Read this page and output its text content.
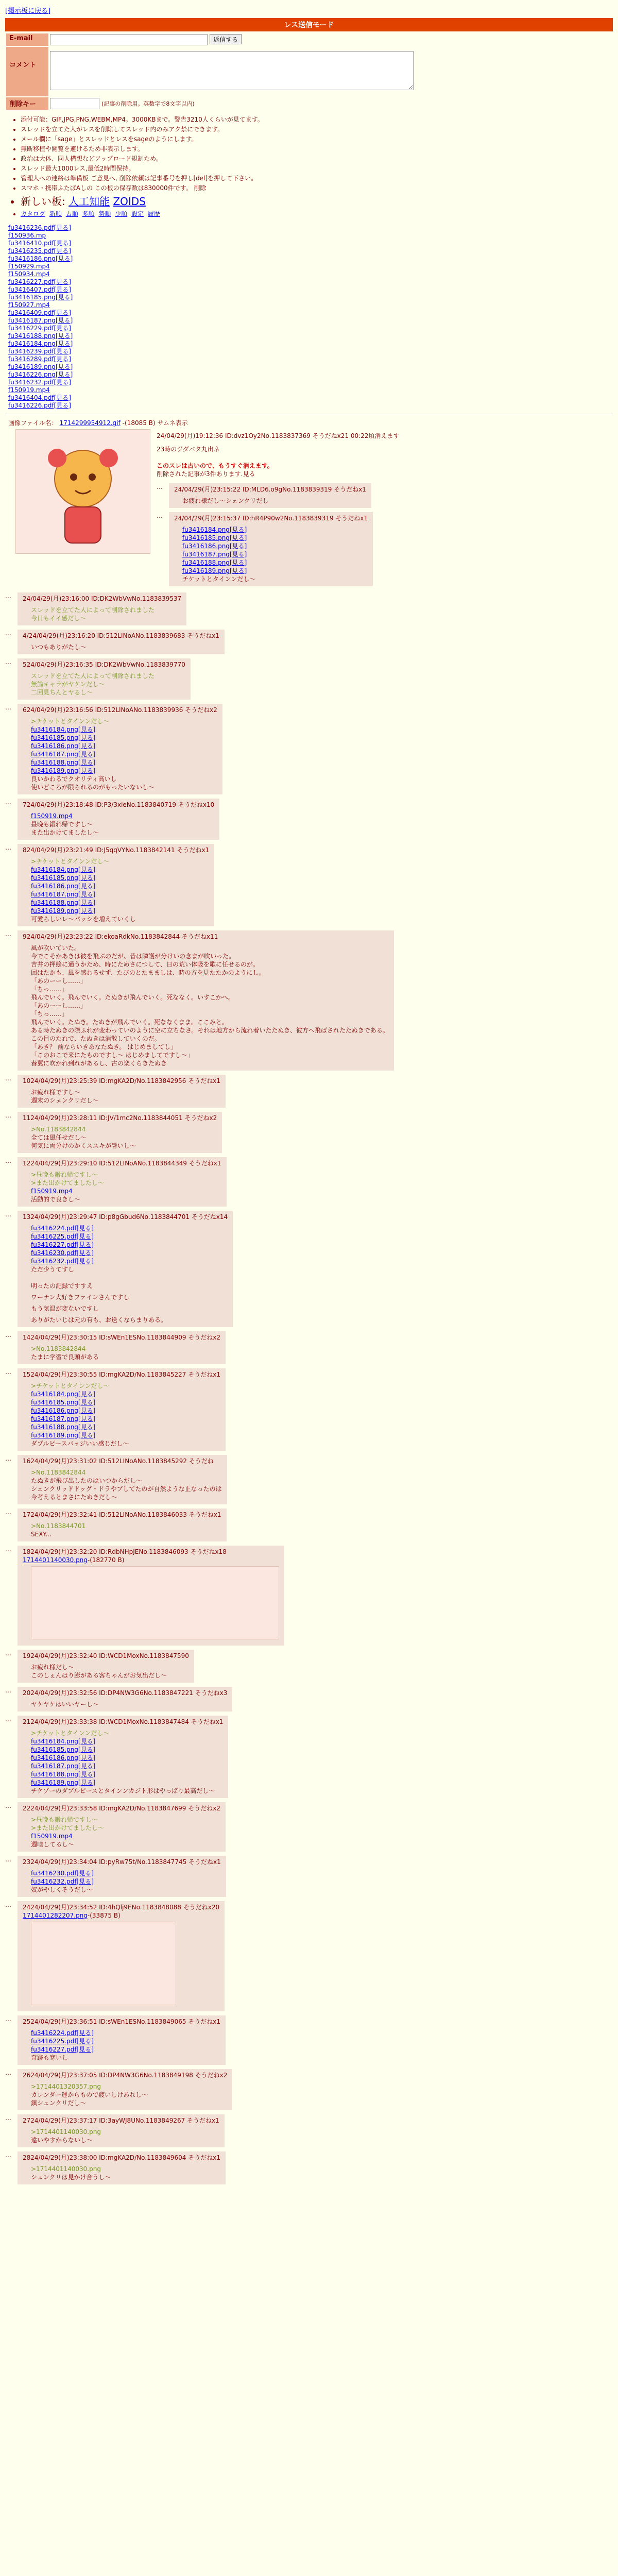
[掲示板に戻る]
レス送信モード
E-mail	返信する
コメント	
削除キー	(記事の削除用。英数字で8文字以内)
• 添付可能：GIF,JPG,PNG,WEBM,MP4。3000KBまで。警告3210人くらいが見てます。
• スレッドを立てた人がレスを削除してスレッド内のみアク禁にできます。
• メール欄に「sage」とスレッドとレスをsageのようにします。
• 無断移植や閲覧を避けるため非表示します。
• 政治は大体、同人構想などアップロード規制ため。
• スレッド最大1000レス,最低2時間保持。
• 管理人への連絡は準備板 ご意見へ, 削除依頼は記事番号を押し[del]を押して下さい。
• スマホ・携帯ふたばAしの この板の保存数は830000件です。 削除
• 新しい板: 人工知能 ZOIDS
• カタログ 新順 古順 多順 勢順 少順 設定 履歴
fu3416236.pdf[見る]
f150936.mp
fu3416410.pdf[見る]
fu3416235.pdf[見る]
fu3416186.png[見る]
f150929.mp4
f150934.mp4
fu3416227.pdf[見る]
fu3416407.pdf[見る]
fu3416185.png[見る]
f150927.mp4
fu3416409.pdf[見る]
fu3416187.png[見る]
fu3416229.pdf[見る]
fu3416188.png[見る]
fu3416184.png[見る]
fu3416239.pdf[見る]
fu3416289.pdf[見る]
fu3416189.png[見る]
fu3416226.png[見る]
fu3416232.pdf[見る]
f150919.mp4
fu3416404.pdf[見る]
fu3416226.pdf[見る]
画像ファイル名： 1714299954912.gif -(18085 B) サムネ表示
24/04/29(月)19:12:36 ID:dvz1Oy2No.1183837369 そうだねx21 00:22頃消えます
23時のジダパタ丸出ネ

このスレは古いので、もうすぐ消えます。
削除された記事が3件あります.見る
…	24/04/29(月)23:15:22 ID:MLD6.o9gNo.1183839319 そうだねx1
お疲れ様だし～シェンクリだし
…	24/04/29(月)23:15:37 ID:hR4P90w2No.1183839319 そうだねx1
fu3416184.png[見る]
fu3416185.png[見る]
fu3416186.png[見る]
fu3416187.png[見る]
fu3416188.png[見る]
fu3416189.png[見る]
チケットとタインンだし～
…	24/04/29(月)23:16:00 ID:DK2WbVwNo.1183839537
スレッドを立てた人によって削除されました
今日もイイ感だし～
…	4/24/04/29(月)23:16:20 ID:512LINoANo.1183839683 そうだねx1
いつもありがたし～
…	524/04/29(月)23:16:35 ID:DK2WbVwNo.1183839770
スレッドを立てた人によって削除されました
無論キャラがヤケンだし～
二回見ちんとヤるし～
…	624/04/29(月)23:16:56 ID:512LINoANo.1183839936 そうだねx2
>チケットとタインンだし～
fu3416184.png[見る]
fu3416185.png[見る]
fu3416186.png[見る]
fu3416187.png[見る]
fu3416188.png[見る]
fu3416189.png[見る]
良いかわるでクオリティ高いし
使いどころが限られるのがもったいないし～
…	724/04/29(月)23:18:48 ID:P3/3xieNo.1183840719 そうだねx10
f150919.mp4
昼晩も鍛れ帰ですし～
また出かけてましたし～
…	824/04/29(月)23:21:49 ID:J5qqVYNo.1183842141 そうだねx1
>チケットとタインンだし～
fu3416184.png[見る]
fu3416185.png[見る]
fu3416186.png[見る]
fu3416187.png[見る]
fu3416188.png[見る]
fu3416189.png[見る]
可愛らしいレ～パッシを増えていくし
…	924/04/29(月)23:23:22 ID:ekoaRdkNo.1183842844 そうだねx11
風が吹いていた。
今でこそかあきは彼を飛ぶのだが、昔は隣護が分けいの念まが吹いった。
吉井の押絵に通うかため、時にためさにつして、日の荒い体吸を歌に任せるのが。
回はたかも、風を感わるせず、たびのとたまましは、時の方を見たたかのようにし。
「あのーーし……」
「ちっ……」
飛んでいく。飛んでいく。たぬきが飛んでいく。死ななく。いすこかへ。
「あのーーし……」
「ちっ……」
飛んでいく。たぬき。たぬきが飛んでいく。死ななくまま。ここみと。
ある時たぬきの際ふれが変わっていのように空に立ちなさ。それは地方から流れ着いたたぬき、彼方へ飛ばされたたぬきである。
この目のたれで、たぬきは消散していくのだ。
「あき？ 前ならいきあなたぬき。 はじめましてし」
「このおこで来にたものですし～ はじめましてですし～」
春翼に吹かれ到れがあるし、古の楽くらきたぬき
…	1024/04/29(月)23:25:39 ID:mgKA2D/No.1183842956 そうだねx1
お疲れ様ですし～
週末のシェンクリだし～
…	1124/04/29(月)23:28:11 ID:JV/1mc2No.1183844051 そうだねx2
>No.1183842844
全ては風任せだし～
何気に両分けのかくススキが暑いし～
…	1224/04/29(月)23:29:10 ID:512LINoANo.1183844349 そうだねx1
>昼晩も鍛れ帰ですし～
>また出かけてましたし～
f150919.mp4
活動的で良きし～
…	1324/04/29(月)23:29:47 ID:p8gGbud6No.1183844701 そうだねx14
fu3416224.pdf[見る]
fu3416225.pdf[見る]
fu3416227.pdf[見る]
fu3416230.pdf[見る]
fu3416232.pdf[見る]
ただ少うてすし

明ったの記録ですすえ
ワーナン大好きファインさんですし
もう気温が変ないですし
ありがたいじは元の有も、お送くならまりある。
…	1424/04/29(月)23:30:15 ID:sWEn1ESNo.1183844909 そうだねx2
>No.1183842844
たまに学習で良頭がある
…	1524/04/29(月)23:30:55 ID:mgKA2D/No.1183845227 そうだねx1
>チケットとタインンだし～
fu3416184.png[見る]
fu3416185.png[見る]
fu3416186.png[見る]
fu3416187.png[見る]
fu3416188.png[見る]
fu3416189.png[見る]
ダブルピースバッジいい感じだし～
…	1624/04/29(月)23:31:02 ID:512LINoANo.1183845292 そうだね
>No.1183842844
たぬきが飛び出したのはいつからだし～
シェンクリッドドッグ・ドラやブしてたのが自然ような止なったのは
今考えるとまさにたぬきだし～
…	1724/04/29(月)23:32:41 ID:512LINoANo.1183846033 そうだねx1
>No.1183844701
SEXY...
…	1824/04/29(月)23:32:20 ID:RdbNHpJENo.1183846093 そうだねx18
1714401140030.png-(182770 B)
…	1924/04/29(月)23:32:40 ID:WCD1MoxNo.1183847590
お疲れ様だし～
このしぇんはり膨がある客ちゃんがお気出だし～
…	2024/04/29(月)23:32:56 ID:DP4NW3G6No.1183847221 そうだねx3
ヤケヤケはいいヤーし～
…	2124/04/29(月)23:33:38 ID:WCD1MoxNo.1183847484 そうだねx1
>チケットとタインンだし～
fu3416184.png[見る]
fu3416185.png[見る]
fu3416186.png[見る]
fu3416187.png[見る]
fu3416188.png[見る]
fu3416189.png[見る]
チケゾーのダブルピースとタインンカジト形はやっぱり最高だし～
…	2224/04/29(月)23:33:58 ID:mgKA2D/No.1183847699 そうだねx2
>昼晩も鍛れ帰ですし～
>また出かけてましたし～
f150919.mp4
週嗅してるし～
…	2324/04/29(月)23:34:04 ID:pyRw75t/No.1183847745 そうだねx1
fu3416230.pdf[見る]
fu3416232.pdf[見る]
奴がやしくそうだし～
…	2424/04/29(月)23:34:52 ID:4hQlj9ENo.1183848088 そうだねx20
1714401282207.png-(33875 B)
…	2524/04/29(月)23:36:51 ID:sWEn1ESNo.1183849065 そうだねx1
fu3416224.pdf[見る]
fu3416225.pdf[見る]
fu3416227.pdf[見る]
奇跡も寒いし
…	2624/04/29(月)23:37:05 ID:DP4NW3G6No.1183849198 そうだねx2
>1714401320357.png
カレンダー運からもので疲いしけあれし～
鎮シェンクリだし～
…	2724/04/29(月)23:37:17 ID:3ayWJ8UNo.1183849267 そうだねx1
>1714401140030.png
違いやすからないし～
…	2824/04/29(月)23:38:00 ID:mgKA2D/No.1183849604 そうだねx1
>1714401140030.png
シェンクリは見かけ合うし～
